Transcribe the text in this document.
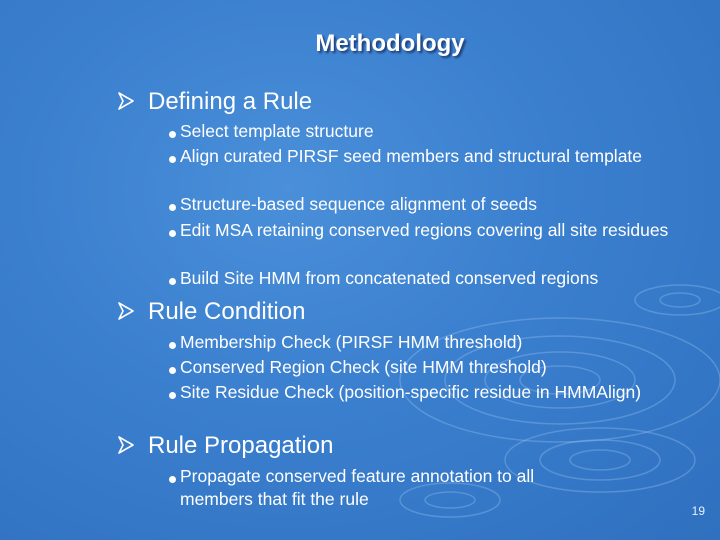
Methodology
Defining a Rule
Select template structure
Align curated PIRSF seed members and structural template
Structure-based sequence alignment of seeds
Edit MSA retaining conserved regions covering all site residues
Build Site HMM from concatenated conserved regions
Rule Condition
Membership Check (PIRSF HMM threshold)
Conserved Region Check (site HMM threshold)
Site Residue Check (position-specific residue in HMMAlign)
Rule Propagation
Propagate conserved feature annotation to all members that fit the rule
19
